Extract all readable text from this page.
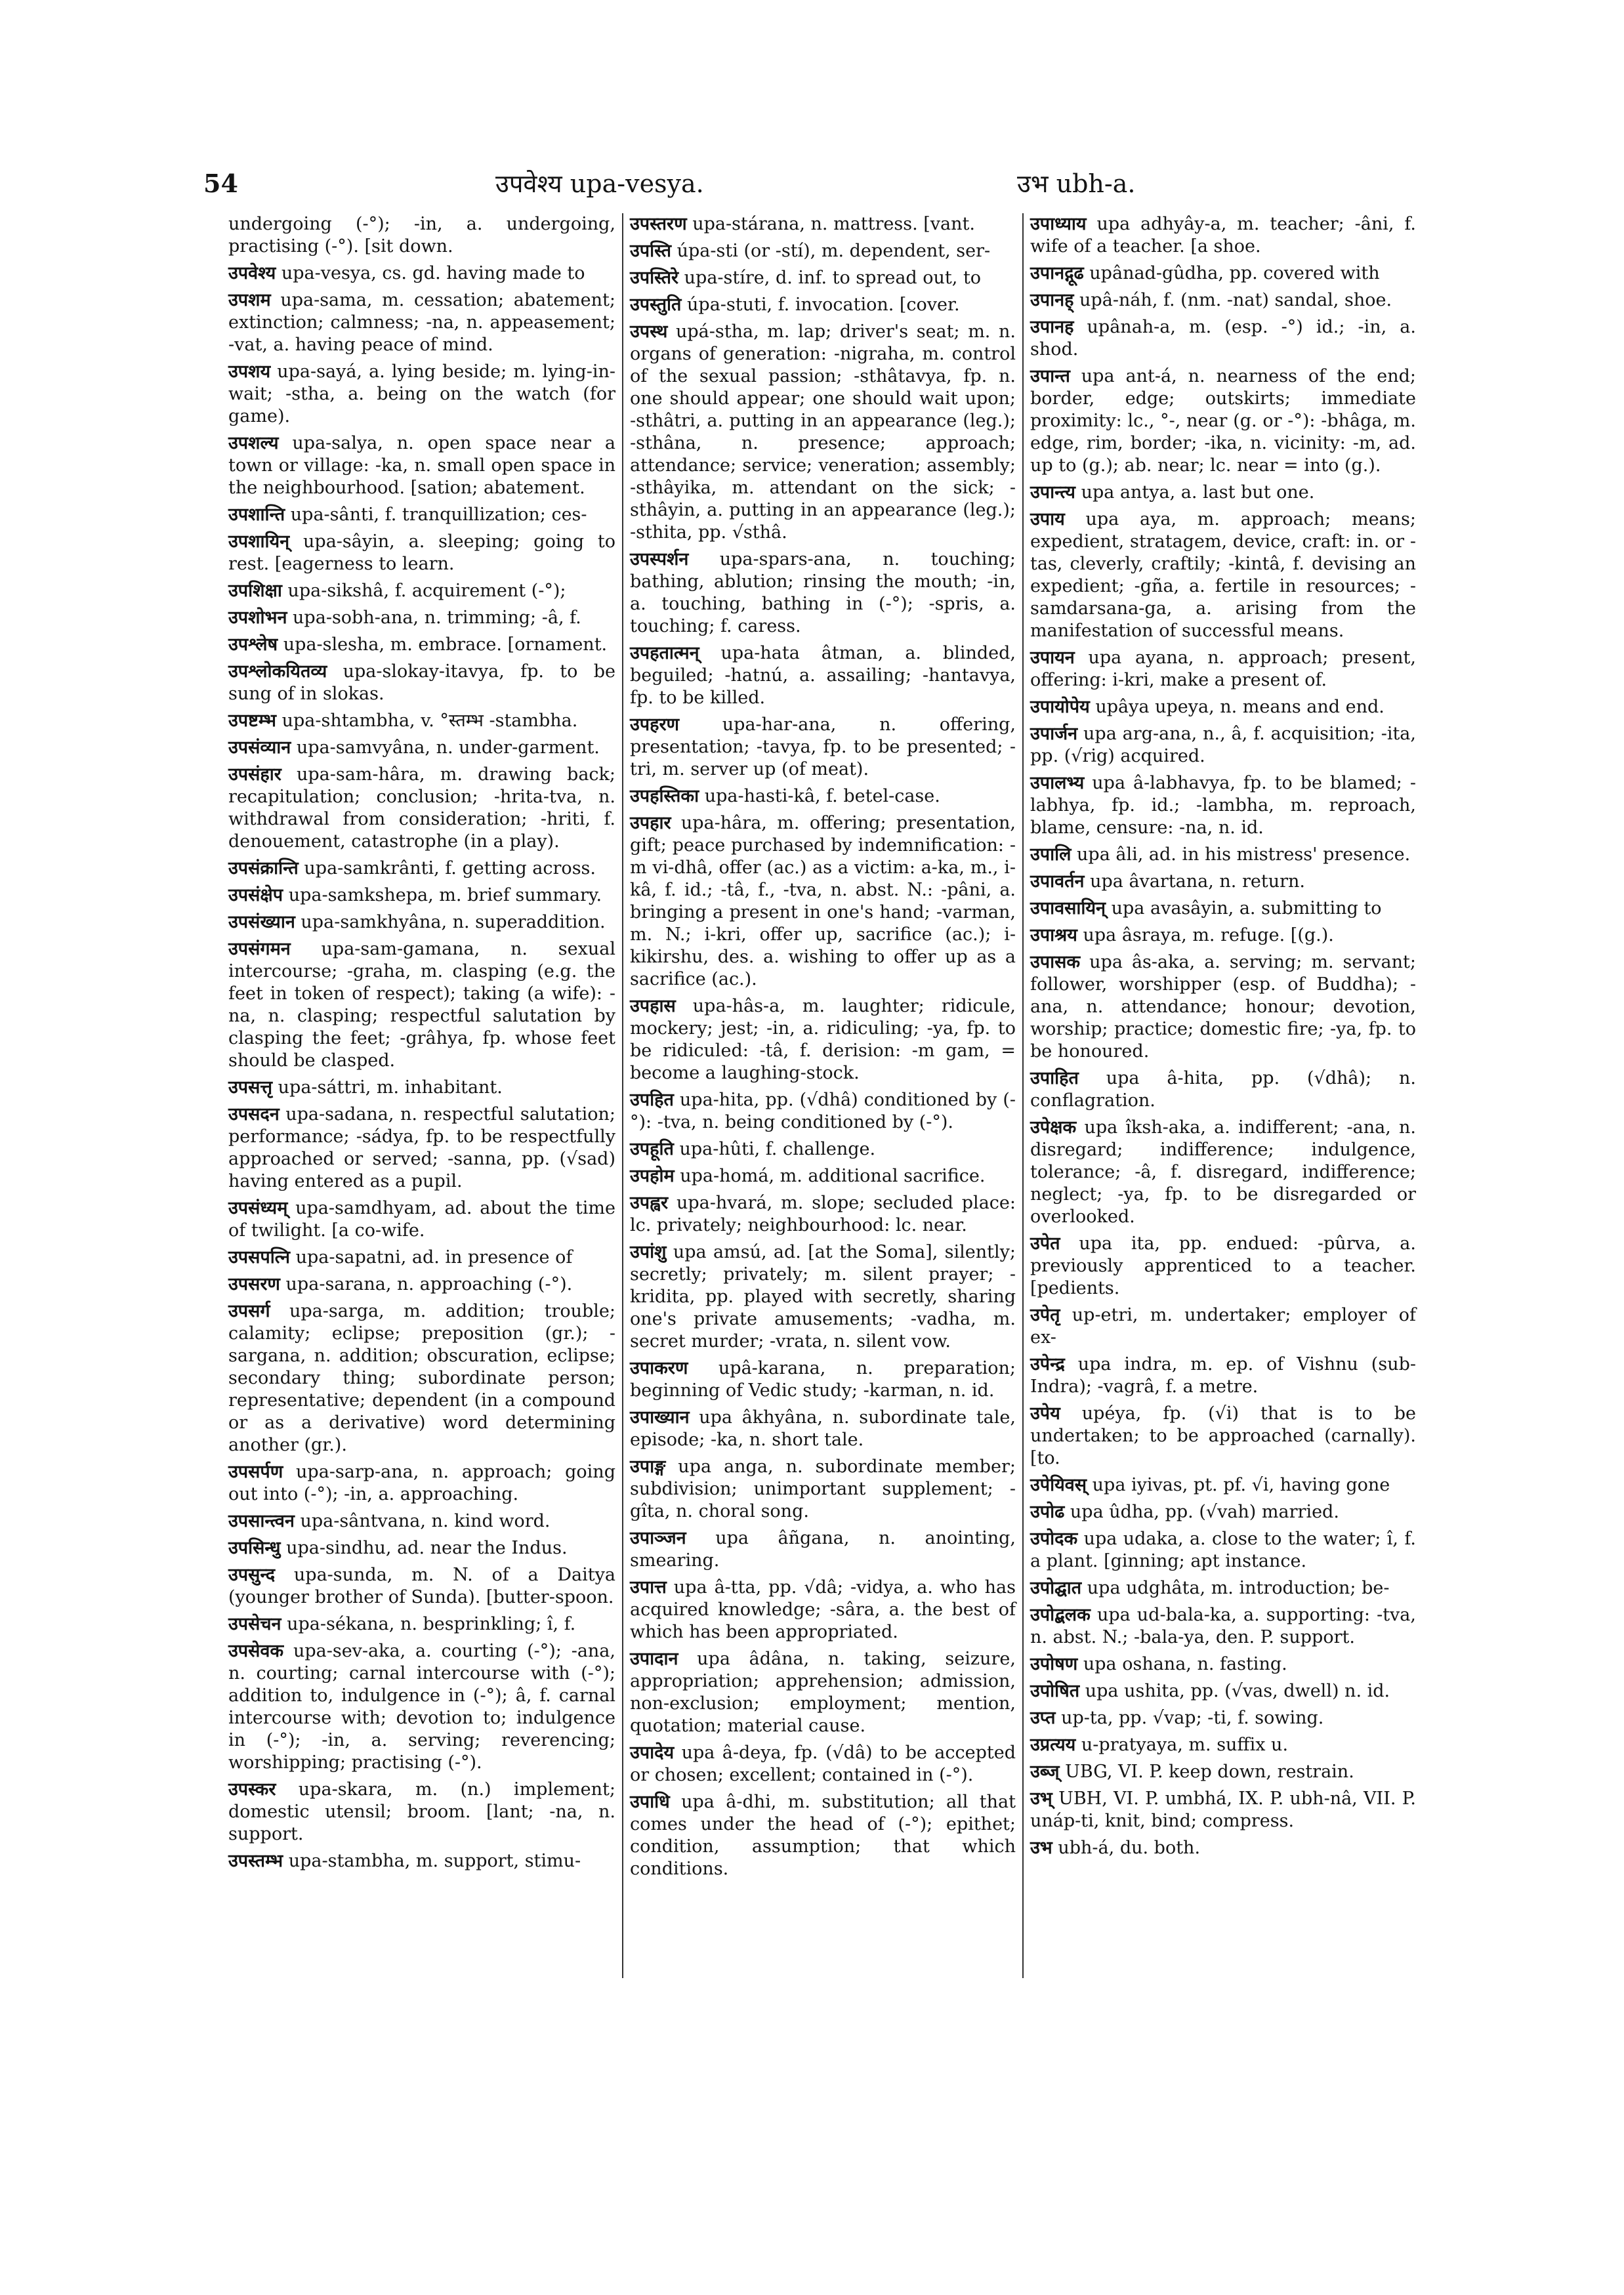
54	उपवेश्य upa-vesya.	उभ ubh-a.
undergoing (-°); -in, a. undergoing, practising (-°). [sit down.
उपवेश्य upa-vesya, cs. gd. having made to
उपशम upa-sama, m. cessation; abatement; extinction; calmness; -na, n. appeasement; -vat, a. having peace of mind.
उपशय upa-sayá, a. lying beside; m. lying-in-wait; -stha, a. being on the watch (for game).
उपशल्य upa-salya, n. open space near a town or village: -ka, n. small open space in the neighbourhood. [sation; abatement.
उपशान्ति upa-sânti, f. tranquillization; ces-
उपशायिन् upa-sâyin, a. sleeping; going to rest. [eagerness to learn.
उपशिक्षा upa-sikshâ, f. acquirement (-°);
उपशोभन upa-sobh-ana, n. trimming; -â, f.
उपश्लेष upa-slesha, m. embrace. [ornament.
उपश्लोकयितव्य upa-slokay-itavya, fp. to be sung of in slokas.
उपष्टम्भ upa-shtambha, v. °स्तम्भ -stambha.
उपसंव्यान upa-samvyâna, n. under-garment.
उपसंहार upa-sam-hâra, m. drawing back; recapitulation; conclusion; -hrita-tva, n. withdrawal from consideration; -hriti, f. denouement, catastrophe (in a play).
उपसंक्रान्ति upa-samkrânti, f. getting across.
उपसंक्षेप upa-samkshepa, m. brief summary.
उपसंख्यान upa-samkhyâna, n. superaddition.
उपसंगमन upa-sam-gamana, n. sexual intercourse; -graha, m. clasping (e.g. the feet in token of respect); taking (a wife): -na, n. clasping; respectful salutation by clasping the feet; -grâhya, fp. whose feet should be clasped.
उपसत्तृ upa-sáttri, m. inhabitant.
उपसदन upa-sadana, n. respectful salutation; performance; -sádya, fp. to be respectfully approached or served; -sanna, pp. (√sad) having entered as a pupil.
उपसंध्यम् upa-samdhyam, ad. about the time of twilight. [a co-wife.
उपसपत्नि upa-sapatni, ad. in presence of
उपसरण upa-sarana, n. approaching (-°).
उपसर्ग upa-sarga, m. addition; trouble; calamity; eclipse; preposition (gr.); -sargana, n. addition; obscuration, eclipse; secondary thing; subordinate person; representative; dependent (in a compound or as a derivative) word determining another (gr.).
उपसर्पण upa-sarp-ana, n. approach; going out into (-°); -in, a. approaching.
उपसान्त्वन upa-sântvana, n. kind word.
उपसिन्धु upa-sindhu, ad. near the Indus.
उपसुन्द upa-sunda, m. N. of a Daitya (younger brother of Sunda). [butter-spoon.
उपसेचन upa-sékana, n. besprinkling; î, f.
उपसेवक upa-sev-aka, a. courting (-°); -ana, n. courting; carnal intercourse with (-°); addition to, indulgence in (-°); â, f. carnal intercourse with; devotion to; indulgence in (-°); -in, a. serving; reverencing; worshipping; practising (-°).
उपस्कर upa-skara, m. (n.) implement; domestic utensil; broom. [lant; -na, n. support.
उपस्तम्भ upa-stambha, m. support, stimu-
उपस्तरण upa-stárana, n. mattress. [vant.
उपस्ति úpa-sti (or -stí), m. dependent, ser-
उपस्तिरे upa-stíre, d. inf. to spread out, to
उपस्तुति úpa-stuti, f. invocation. [cover.
उपस्थ upá-stha, m. lap; driver's seat; m. n. organs of generation: -nigraha, m. control of the sexual passion; -sthâtavya, fp. n. one should appear; one should wait upon; -sthâtri, a. putting in an appearance (leg.); -sthâna, n. presence; approach; attendance; service; veneration; assembly; -sthâyika, m. attendant on the sick; -sthâyin, a. putting in an appearance (leg.); -sthita, pp. √sthâ.
उपस्पर्शन upa-spars-ana, n. touching; bathing, ablution; rinsing the mouth; -in, a. touching, bathing in (-°); -spris, a. touching; f. caress.
उपहतात्मन् upa-hata âtman, a. blinded, beguiled; -hatnú, a. assailing; -hantavya, fp. to be killed.
उपहरण upa-har-ana, n. offering, presentation; -tavya, fp. to be presented; -tri, m. server up (of meat).
उपहस्तिका upa-hasti-kâ, f. betel-case.
उपहार upa-hâra, m. offering; presentation, gift; peace purchased by indemnification: -m vi-dhâ, offer (ac.) as a victim: a-ka, m., i-kâ, f. id.; -tâ, f., -tva, n. abst. N.: -pâni, a. bringing a present in one's hand; -varman, m. N.; i-kri, offer up, sacrifice (ac.); i-kikirshu, des. a. wishing to offer up as a sacrifice (ac.).
उपहास upa-hâs-a, m. laughter; ridicule, mockery; jest; -in, a. ridiculing; -ya, fp. to be ridiculed: -tâ, f. derision: -m gam, = become a laughing-stock.
उपहित upa-hita, pp. (√dhâ) conditioned by (-°): -tva, n. being conditioned by (-°).
उपहूति upa-hûti, f. challenge.
उपहोम upa-homá, m. additional sacrifice.
उपह्वर upa-hvará, m. slope; secluded place: lc. privately; neighbourhood: lc. near.
उपांशु upa amsú, ad. [at the Soma], silently; secretly; privately; m. silent prayer; -kridita, pp. played with secretly, sharing one's private amusements; -vadha, m. secret murder; -vrata, n. silent vow.
उपाकरण upâ-karana, n. preparation; beginning of Vedic study; -karman, n. id.
उपाख्यान upa âkhyâna, n. subordinate tale, episode; -ka, n. short tale.
उपाङ्ग upa anga, n. subordinate member; subdivision; unimportant supplement; -gîta, n. choral song.
उपाञ्जन upa âñgana, n. anointing, smearing.
उपात्त upa â-tta, pp. √dâ; -vidya, a. who has acquired knowledge; -sâra, a. the best of which has been appropriated.
उपादान upa âdâna, n. taking, seizure, appropriation; apprehension; admission, non-exclusion; employment; mention, quotation; material cause.
उपादेय upa â-deya, fp. (√dâ) to be accepted or chosen; excellent; contained in (-°).
उपाधि upa â-dhi, m. substitution; all that comes under the head of (-°); epithet; condition, assumption; that which conditions.
उपाध्याय upa adhyây-a, m. teacher; -âni, f. wife of a teacher. [a shoe.
उपानद्गूढ upânad-gûdha, pp. covered with
उपानह् upâ-náh, f. (nm. -nat) sandal, shoe.
उपानह upânah-a, m. (esp. -°) id.; -in, a. shod.
उपान्त upa ant-á, n. nearness of the end; border, edge; outskirts; immediate proximity: lc., °-, near (g. or -°): -bhâga, m. edge, rim, border; -ika, n. vicinity: -m, ad. up to (g.); ab. near; lc. near = into (g.).
उपान्त्य upa antya, a. last but one.
उपाय upa aya, m. approach; means; expedient, stratagem, device, craft: in. or -tas, cleverly, craftily; -kintâ, f. devising an expedient; -gña, a. fertile in resources; -samdarsana-ga, a. arising from the manifestation of successful means.
उपायन upa ayana, n. approach; present, offering: i-kri, make a present of.
उपायोपेय upâya upeya, n. means and end.
उपार्जन upa arg-ana, n., â, f. acquisition; -ita, pp. (√rig) acquired.
उपालभ्य upa â-labhavya, fp. to be blamed; -labhya, fp. id.; -lambha, m. reproach, blame, censure: -na, n. id.
उपालि upa âli, ad. in his mistress' presence.
उपावर्तन upa âvartana, n. return.
उपावसायिन् upa avasâyin, a. submitting to
उपाश्रय upa âsraya, m. refuge. [(g.).
उपासक upa âs-aka, a. serving; m. servant; follower, worshipper (esp. of Buddha); -ana, n. attendance; honour; devotion, worship; practice; domestic fire; -ya, fp. to be honoured.
उपाहित upa â-hita, pp. (√dhâ); n. conflagration.
उपेक्षक upa îksh-aka, a. indifferent; -ana, n. disregard; indifference; indulgence, tolerance; -â, f. disregard, indifference; neglect; -ya, fp. to be disregarded or overlooked.
उपेत upa ita, pp. endued: -pûrva, a. previously apprenticed to a teacher. [pedients.
उपेतृ up-etri, m. undertaker; employer of ex-
उपेन्द्र upa indra, m. ep. of Vishnu (sub-Indra); -vagrâ, f. a metre.
उपेय upéya, fp. (√i) that is to be undertaken; to be approached (carnally). [to.
उपेयिवस् upa iyivas, pt. pf. √i, having gone
उपोढ upa ûdha, pp. (√vah) married.
उपोदक upa udaka, a. close to the water; î, f. a plant. [ginning; apt instance.
उपोद्घात upa udghâta, m. introduction; be-
उपोद्बलक upa ud-bala-ka, a. supporting: -tva, n. abst. N.; -bala-ya, den. P. support.
उपोषण upa oshana, n. fasting.
उपोषित upa ushita, pp. (√vas, dwell) n. id.
उप्त up-ta, pp. √vap; -ti, f. sowing.
उप्रत्यय u-pratyaya, m. suffix u.
उब्ज् UBG, VI. P. keep down, restrain.
उभ् UBH, VI. P. umbhá, IX. P. ubh-nâ, VII. P. unáp-ti, knit, bind; compress.
उभ ubh-á, du. both.
